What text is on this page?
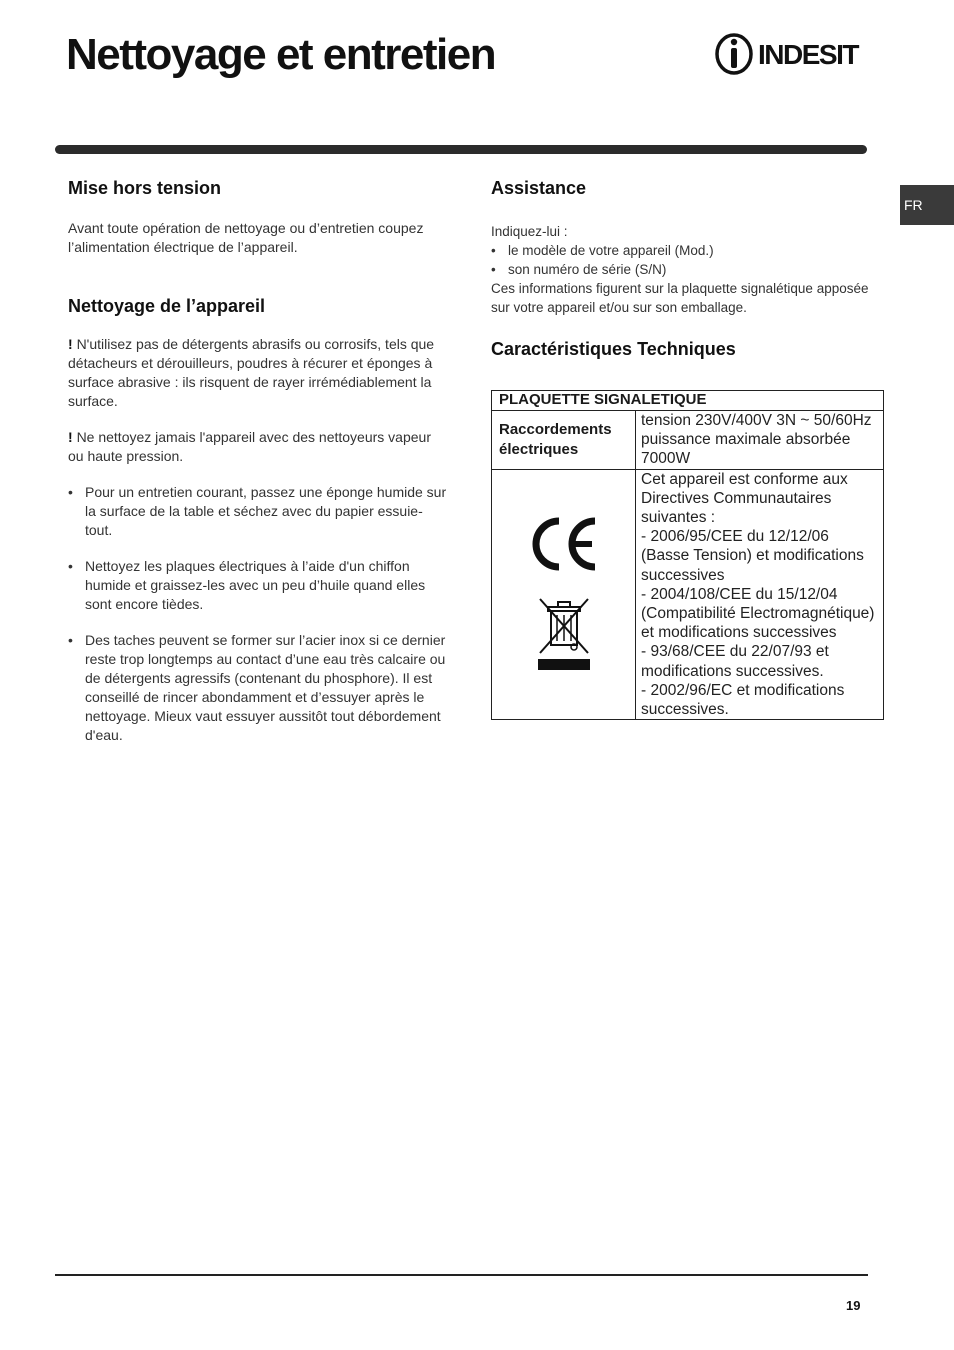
Nettoyage et entretien	INDESIT
FR
Mise hors tension

Avant toute opération de nettoyage ou d’entretien coupez l’alimentation électrique de l’appareil.

Nettoyage de l’appareil

! N'utilisez pas de détergents abrasifs ou corrosifs, tels que détacheurs et dérouilleurs, poudres à récurer et éponges à surface abrasive : ils risquent de rayer irrémédiablement la surface.

! Ne nettoyez jamais l'appareil avec des nettoyeurs vapeur ou haute pression.

• Pour un entretien courant, passez une éponge humide sur la surface de la table et séchez avec du papier essuie-tout.
• Nettoyez les plaques électriques à l’aide d'un chiffon humide et graissez-les avec un peu d’huile quand elles sont encore tièdes.
• Des taches peuvent se former sur l’acier inox si ce dernier reste trop longtemps au contact d’une eau très calcaire ou de détergents agressifs (contenant du phosphore). Il est conseillé de rincer abondamment et d’essuyer après le nettoyage. Mieux vaut essuyer aussitôt tout débordement d'eau.
Assistance

Indiquez-lui :

• le modèle de votre appareil (Mod.)
• son numéro de série (S/N)

Ces informations figurent sur la plaquette signalétique apposée sur votre appareil et/ou sur son emballage.

Caractéristiques Techniques
PLAQUETTE SIGNALETIQUE	
Raccordements électriques	tension 230V/400V 3N ~ 50/60Hz
puissance maximale absorbée 7000W

	Cet appareil est conforme aux Directives Communautaires suivantes :
- 2006/95/CEE du 12/12/06 (Basse Tension) et modifications successives
- 2004/108/CEE du 15/12/04 (Compatibilité Electromagnétique) et modifications successives
- 93/68/CEE du 22/07/93 et modifications successives.
- 2002/96/EC et modifications successives.
19
